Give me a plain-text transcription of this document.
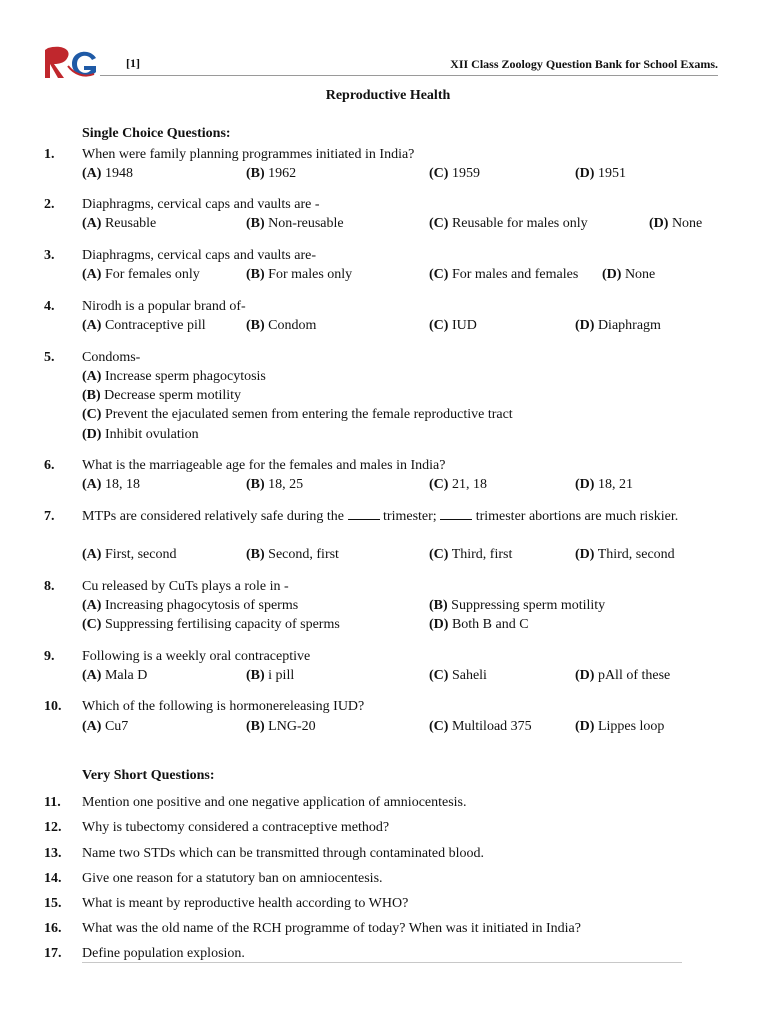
[1]	XII Class Zoology Question Bank for School Exams.
Reproductive Health
Single Choice Questions:
1. When were family planning programmes initiated in India?
(A) 1948	(B) 1962	(C) 1959	(D) 1951
2. Diaphragms, cervical caps and vaults are -
(A) Reusable	(B) Non-reusable	(C) Reusable for males only	(D) None
3. Diaphragms, cervical caps and vaults are-
(A) For females only	(B) For males only	(C) For males and females (D) None
4. Nirodh is a popular brand of-
(A) Contraceptive pill	(B) Condom	(C) IUD	(D) Diaphragm
5. Condoms-
(A) Increase sperm phagocytosis
(B) Decrease sperm motility
(C) Prevent the ejaculated semen from entering the female reproductive tract
(D) Inhibit ovulation
6. What is the marriageable age for the females and males in India?
(A) 18, 18	(B) 18, 25	(C) 21, 18	(D) 18, 21
7. MTPs are considered relatively safe during the	trimester;	trimester abortions are much riskier.
(A) First, second	(B) Second, first	(C) Third, first	(D) Third, second
8. Cu released by CuTs plays a role in -
(A) Increasing phagocytosis of sperms	(B) Suppressing sperm motility
(C) Suppressing fertilising capacity of sperms	(D) Both B and C
9. Following is a weekly oral contraceptive
(A) Mala D	(B) i pill	(C) Saheli	(D) pAll of these
10. Which of the following is hormonereleasing IUD?
(A) Cu7	(B) LNG-20	(C) Multiload 375	(D) Lippes loop
Very Short Questions:
11. Mention one positive and one negative application of amniocentesis.
12. Why is tubectomy considered a contraceptive method?
13. Name two STDs which can be transmitted through contaminated blood.
14. Give one reason for a statutory ban on amniocentesis.
15. What is meant by reproductive health according to WHO?
16. What was the old name of the RCH programme of today? When was it initiated in India?
17. Define population explosion.
